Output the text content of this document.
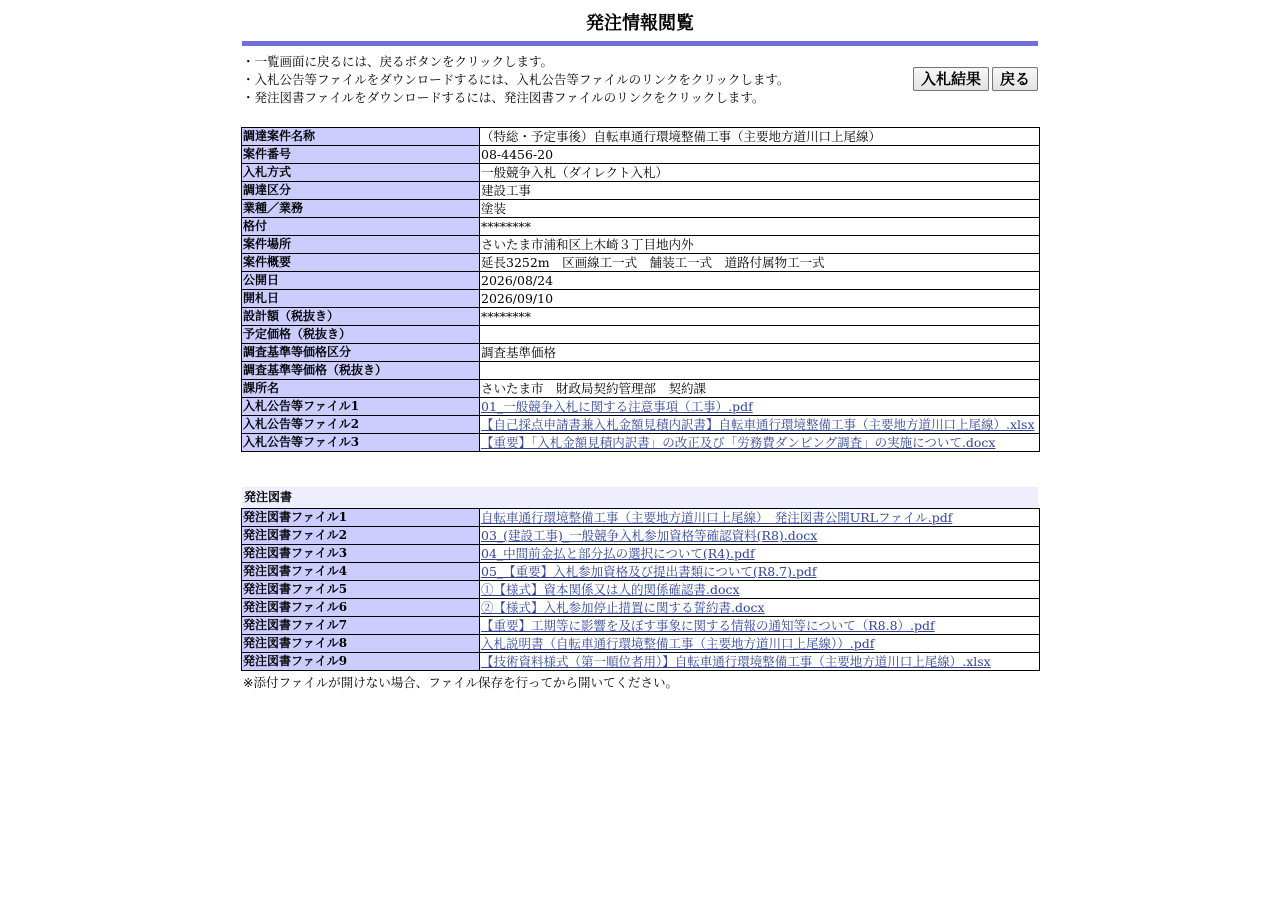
発注情報閲覧
・一覧画面に戻るには、戻るボタンをクリックします。
・入札公告等ファイルをダウンロードするには、入札公告等ファイルのリンクをクリックします。
・発注図書ファイルをダウンロードするには、発注図書ファイルのリンクをクリックします。
入札結果	戻る
調達案件名称	（特総・予定事後）自転車通行環境整備工事（主要地方道川口上尾線）
案件番号	08-4456-20
入札方式	一般競争入札（ダイレクト入札）
調達区分	建設工事
業種／業務	塗装
格付	********
案件場所	さいたま市浦和区上木崎３丁目地内外
案件概要	延長3252m　区画線工一式　舗装工一式　道路付属物工一式
公開日	2026/08/24
開札日	2026/09/10
設計額（税抜き）	********
予定価格（税抜き）	
調査基準等価格区分	調査基準価格
調査基準等価格（税抜き）	
課所名	さいたま市　財政局契約管理部　契約課
入札公告等ファイル1	01_一般競争入札に関する注意事項（工事）.pdf
入札公告等ファイル2	【自己採点申請書兼入札金額見積内訳書】自転車通行環境整備工事（主要地方道川口上尾線）.xlsx
入札公告等ファイル3	【重要】「入札金額見積内訳書」の改正及び「労務費ダンピング調査」の実施について.docx
発注図書
発注図書ファイル1	自転車通行環境整備工事（主要地方道川口上尾線）　発注図書公開URLファイル.pdf
発注図書ファイル2	03_(建設工事)_一般競争入札参加資格等確認資料(R8).docx
発注図書ファイル3	04_中間前金払と部分払の選択について(R4).pdf
発注図書ファイル4	05_【重要】入札参加資格及び提出書類について(R8.7).pdf
発注図書ファイル5	①【様式】資本関係又は人的関係確認書.docx
発注図書ファイル6	②【様式】入札参加停止措置に関する誓約書.docx
発注図書ファイル7	【重要】工期等に影響を及ぼす事象に関する情報の通知等について（R8.8）.pdf
発注図書ファイル8	入札説明書（自転車通行環境整備工事（主要地方道川口上尾線））.pdf
発注図書ファイル9	【技術資料様式（第一順位者用）】自転車通行環境整備工事（主要地方道川口上尾線）.xlsx
※添付ファイルが開けない場合、ファイル保存を行ってから開いてください。
